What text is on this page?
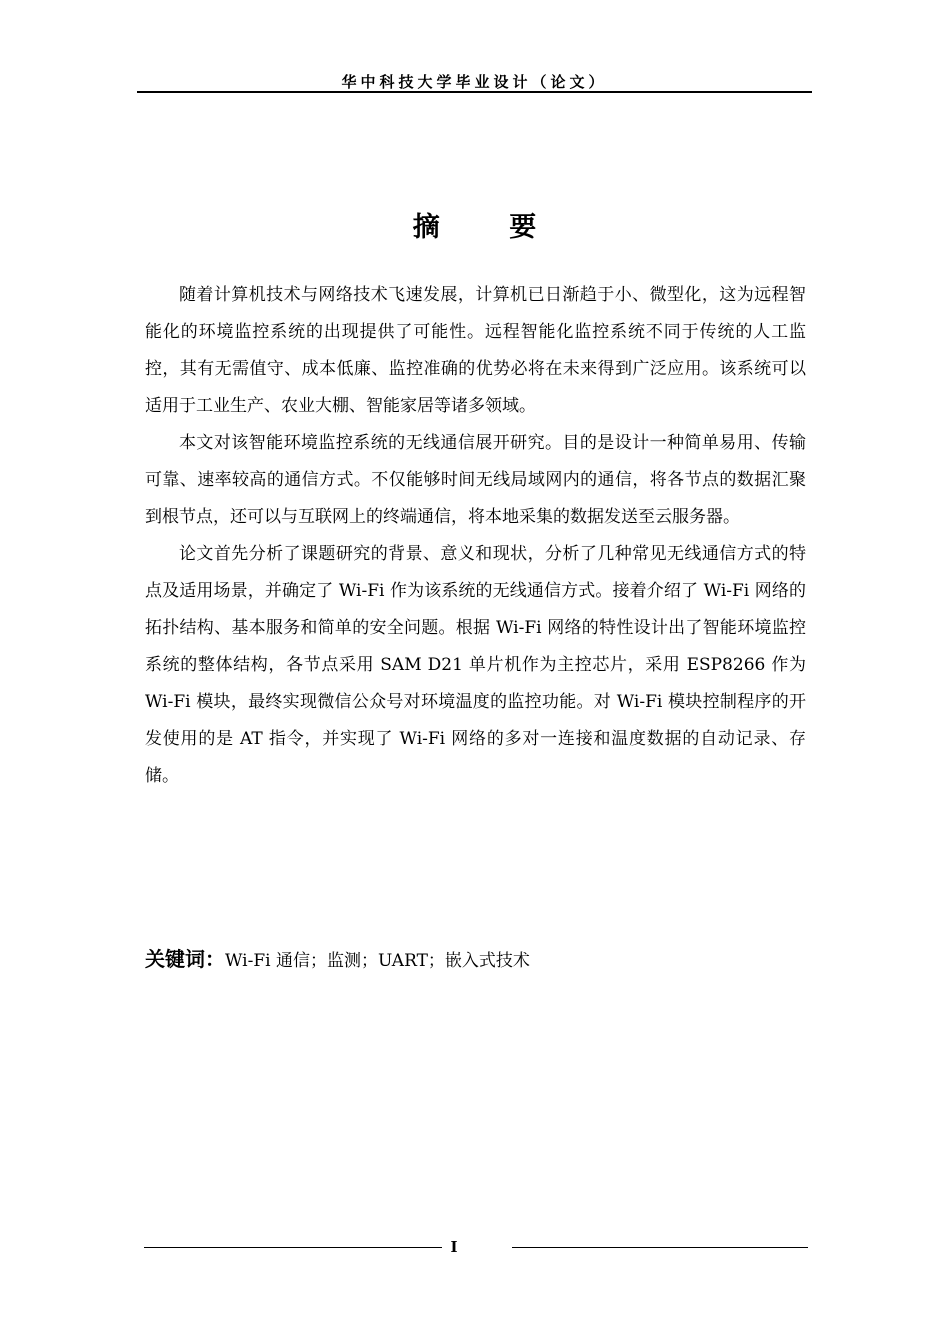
华中科技大学毕业设计（论文）
摘 要

随着计算机技术与网络技术飞速发展，计算机已日渐趋于小、微型化，这为远程智能化的环境监控系统的出现提供了可能性。远程智能化监控系统不同于传统的人工监控，其有无需值守、成本低廉、监控准确的优势必将在未来得到广泛应用。该系统可以适用于工业生产、农业大棚、智能家居等诸多领域。

本文对该智能环境监控系统的无线通信展开研究。目的是设计一种简单易用、传输可靠、速率较高的通信方式。不仅能够时间无线局域网内的通信，将各节点的数据汇聚到根节点，还可以与互联网上的终端通信，将本地采集的数据发送至云服务器。

论文首先分析了课题研究的背景、意义和现状，分析了几种常见无线通信方式的特点及适用场景，并确定了 Wi-Fi 作为该系统的无线通信方式。接着介绍了 Wi-Fi 网络的拓扑结构、基本服务和简单的安全问题。根据 Wi-Fi 网络的特性设计出了智能环境监控系统的整体结构，各节点采用 SAM D21 单片机作为主控芯片，采用 ESP8266 作为 Wi-Fi 模块，最终实现微信公众号对环境温度的监控功能。对 Wi-Fi 模块控制程序的开发使用的是 AT 指令，并实现了 Wi-Fi 网络的多对一连接和温度数据的自动记录、存储。

关键词：Wi-Fi 通信；监测；UART；嵌入式技术
I
